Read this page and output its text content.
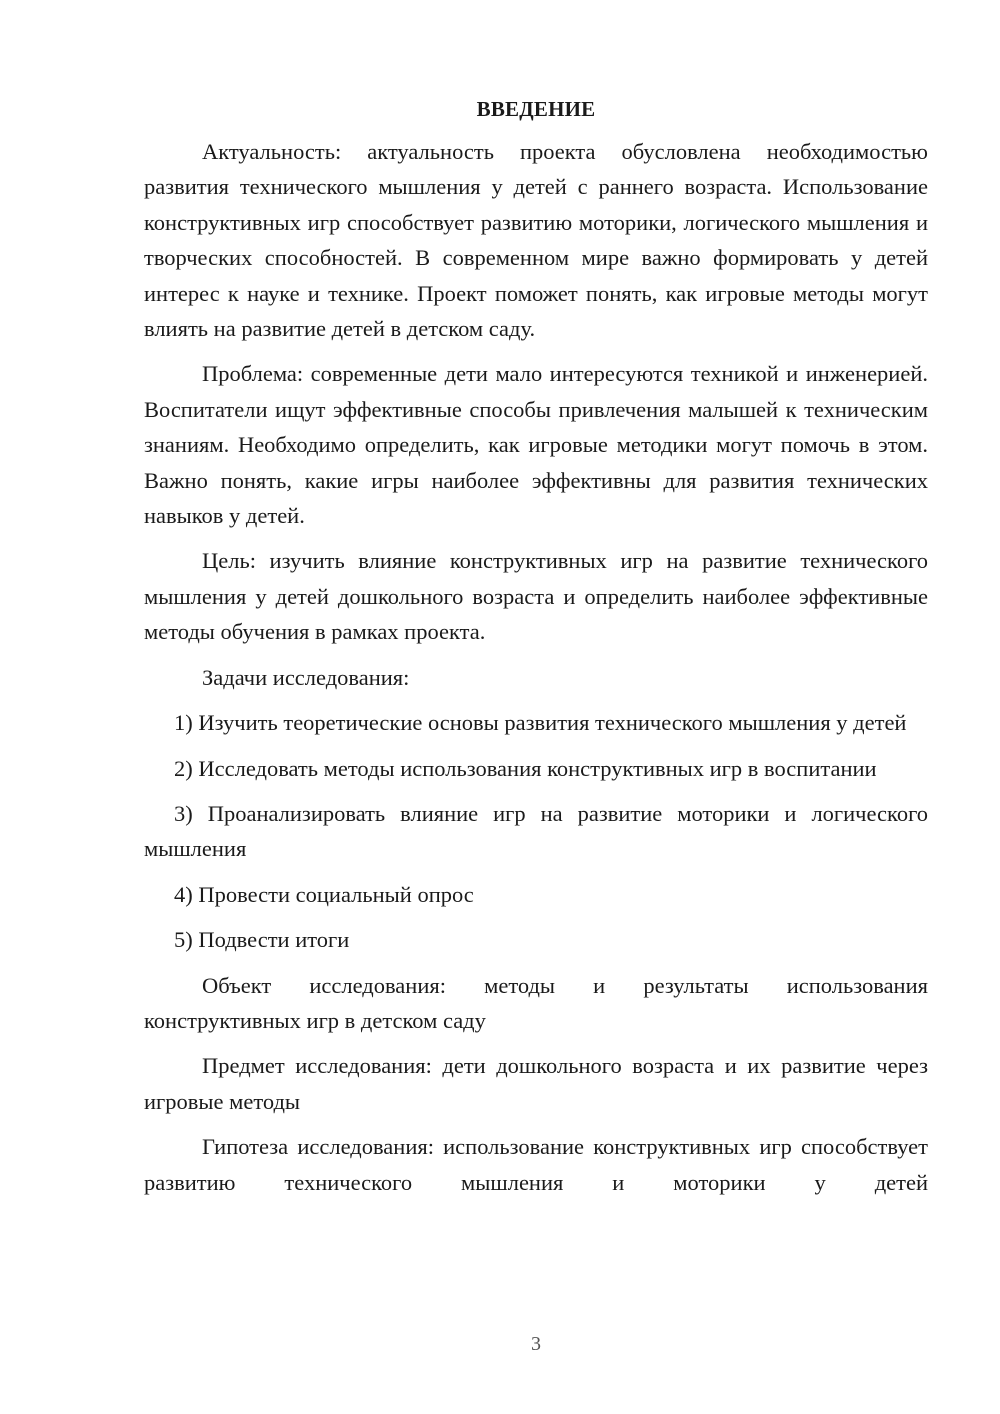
ВВЕДЕНИЕ
Актуальность: актуальность проекта обусловлена необходимостью развития технического мышления у детей с раннего возраста. Использование конструктивных игр способствует развитию моторики, логического мышления и творческих способностей. В современном мире важно формировать у детей интерес к науке и технике. Проект поможет понять, как игровые методы могут влиять на развитие детей в детском саду.
Проблема: современные дети мало интересуются техникой и инженерией. Воспитатели ищут эффективные способы привлечения малышей к техническим знаниям. Необходимо определить, как игровые методики могут помочь в этом. Важно понять, какие игры наиболее эффективны для развития технических навыков у детей.
Цель: изучить влияние конструктивных игр на развитие технического мышления у детей дошкольного возраста и определить наиболее эффективные методы обучения в рамках проекта.
Задачи исследования:
1) Изучить теоретические основы развития технического мышления у детей
2) Исследовать методы использования конструктивных игр в воспитании
3) Проанализировать влияние игр на развитие моторики и логического мышления
4) Провести социальный опрос
5) Подвести итоги
Объект исследования: методы и результаты использования конструктивных игр в детском саду
Предмет исследования: дети дошкольного возраста и их развитие через игровые методы
Гипотеза исследования: использование конструктивных игр способствует развитию технического мышления и моторики у детей
3
